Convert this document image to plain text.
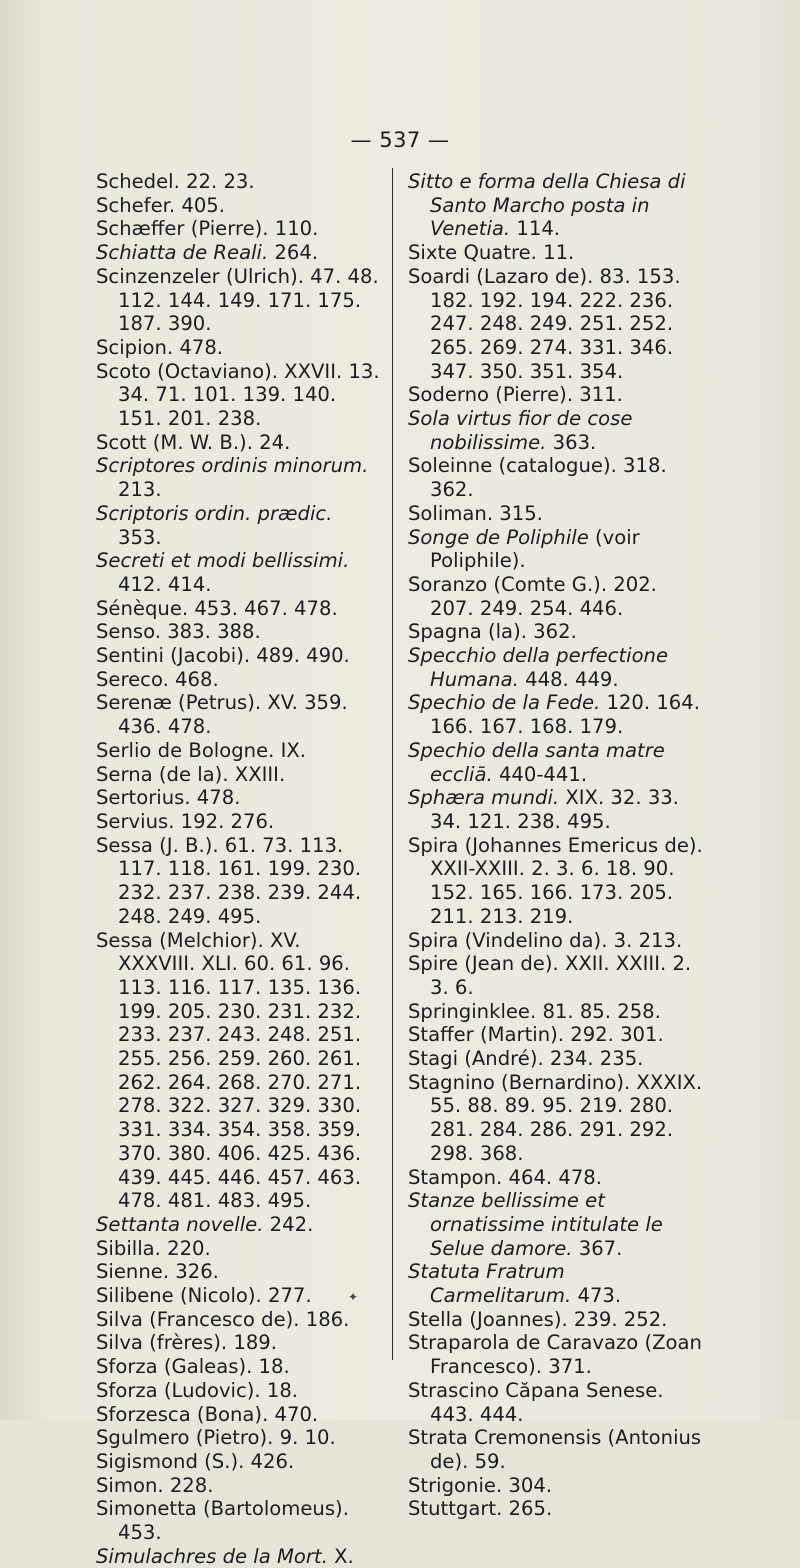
— 537 —
Schedel. 22. 23.
Schefer. 405.
Schæffer (Pierre). 110.
Schiatta de Reali. 264.
Scinzenzeler (Ulrich). 47. 48. 112. 144. 149. 171. 175. 187. 390.
Scipion. 478.
Scoto (Octaviano). XXVII. 13. 34. 71. 101. 139. 140. 151. 201. 238.
Scott (M. W. B.). 24.
Scriptores ordinis minorum. 213.
Scriptoris ordin. prædic. 353.
Secreti et modi bellissimi. 412. 414.
Sénèque. 453. 467. 478.
Senso. 383. 388.
Sentini (Jacobi). 489. 490.
Sereco. 468.
Serenæ (Petrus). XV. 359. 436. 478.
Serlio de Bologne. IX.
Serna (de la). XXIII.
Sertorius. 478.
Servius. 192. 276.
Sessa (J. B.). 61. 73. 113. 117. 118. 161. 199. 230. 232. 237. 238. 239. 244. 248. 249. 495.
Sessa (Melchior). XV. XXXVIII. XLI. 60. 61. 96. 113. 116. 117. 135. 136. 199. 205. 230. 231. 232. 233. 237. 243. 248. 251. 255. 256. 259. 260. 261. 262. 264. 268. 270. 271. 278. 322. 327. 329. 330. 331. 334. 354. 358. 359. 370. 380. 406. 425. 436. 439. 445. 446. 457. 463. 478. 481. 483. 495.
Settanta novelle. 242.
Sibilla. 220.
Sienne. 326.
Silibene (Nicolo). 277.
Silva (Francesco de). 186.
Silva (frères). 189.
Sforza (Galeas). 18.
Sforza (Ludovic). 18.
Sforzesca (Bona). 470.
Sgulmero (Pietro). 9. 10.
Sigismond (S.). 426.
Simon. 228.
Simonetta (Bartolomeus). 453.
Simulachres de la Mort. X.
Sitto e forma della Chiesa di Santo Marcho posta in Venetia. 114.
Sixte Quatre. 11.
Soardi (Lazaro de). 83. 153. 182. 192. 194. 222. 236. 247. 248. 249. 251. 252. 265. 269. 274. 331. 346. 347. 350. 351. 354.
Soderno (Pierre). 311.
Sola virtus fior de cose nobilissime. 363.
Soleinne (catalogue). 318. 362.
Soliman. 315.
Songe de Poliphile (voir Poliphile).
Soranzo (Comte G.). 202. 207. 249. 254. 446.
Spagna (la). 362.
Specchio della perfectione Humana. 448. 449.
Spechio de la Fede. 120. 164. 166. 167. 168. 179.
Spechio della santa matre eccliā. 440-441.
Sphæra mundi. XIX. 32. 33. 34. 121. 238. 495.
Spira (Johannes Emericus de). XXII-XXIII. 2. 3. 6. 18. 90. 152. 165. 166. 173. 205. 211. 213. 219.
Spira (Vindelino da). 3. 213.
Spire (Jean de). XXII. XXIII. 2. 3. 6.
Springinklee. 81. 85. 258.
Staffer (Martin). 292. 301.
Stagi (André). 234. 235.
Stagnino (Bernardino). XXXIX. 55. 88. 89. 95. 219. 280. 281. 284. 286. 291. 292. 298. 368.
Stampon. 464. 478.
Stanze bellissime et ornatissime intitulate le Selue damore. 367.
Statuta Fratrum Carmelitarum. 473.
Stella (Joannes). 239. 252.
Straparola de Caravazo (Zoan Francesco). 371.
Strascino Căpana Senese. 443. 444.
Strata Cremonensis (Antonius de). 59.
Strigonie. 304.
Stuttgart. 265.
✦
